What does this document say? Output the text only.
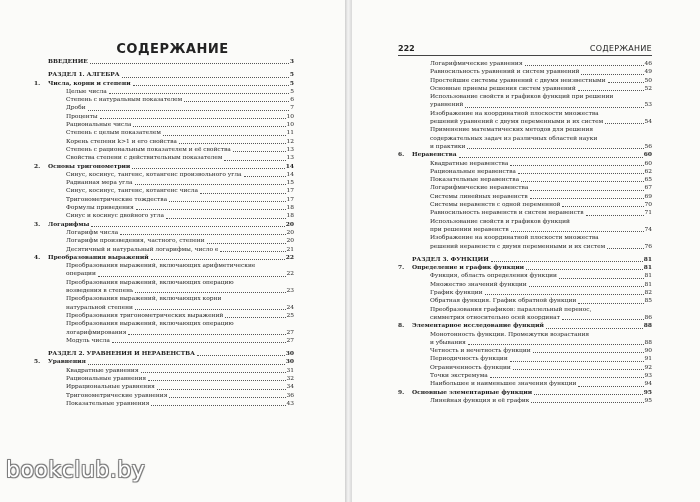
СОДЕРЖАНИЕ
ВВЕДЕНИЕ	3
РАЗДЕЛ 1. АЛГЕБРА	5
1.	Числа, корни и степени	5
Целые числа	5
Степень с натуральным показателем	6
Дроби	7
Проценты	10
Рациональные числа	10
Степень с целым показателем	11
Корень степени k>1 и его свойства	12
Степень с рациональным показателем и её свойства	13
Свойства степени с действительным показателем	13
2.	Основы тригонометрии	14
Синус, косинус, тангенс, котангенс произвольного угла	14
Радианная мера угла	15
Синус, косинус, тангенс, котангенс числа	17
Тригонометрические тождества	17
Формулы приведения	18
Синус и косинус двойного угла	18
3.	Логарифмы	20
Логарифм числа	20
Логарифм произведения, частного, степени	20
Десятичный и натуральный логарифмы, число е	21
4.	Преобразования выражений	22
Преобразования выражений, включающих арифметические
операции	22
Преобразования выражений, включающих операцию
возведения в степень	23
Преобразования выражений, включающих корни
натуральной степени	24
Преобразования тригонометрических выражений	25
Преобразования выражений, включающих операцию
логарифмирования	27
Модуль числа	27
РАЗДЕЛ 2. УРАВНЕНИЯ И НЕРАВЕНСТВА	30
5.	Уравнения	30
Квадратные уравнения	31
Рациональные уравнения	32
Иррациональные уравнения	34
Тригонометрические уравнения	36
Показательные уравнения	43
222	СОДЕРЖАНИЕ
Логарифмические уравнения	46
Равносильность уравнений и систем уравнений	49
Простейшие системы уравнений с двумя неизвестными	50
Основные приемы решения систем уравнений	52
Использование свойств и графиков функций при решении
уравнений	53
Изображение на координатной плоскости множества
решений уравнений с двумя переменными и их систем	54
Применение математических методов для решения
содержательных задач из различных областей науки
и практики	56
6.	Неравенства	60
Квадратные неравенства	60
Рациональные неравенства	62
Показательные неравенства	65
Логарифмические неравенства	67
Системы линейных неравенств	69
Системы неравенств с одной переменной	70
Равносильность неравенств и систем неравенств	71
Использование свойств и графиков функций
при решении неравенств	74
Изображение на координатной плоскости множества
решений неравенств с двумя переменными и их систем	76
РАЗДЕЛ 3. ФУНКЦИИ	81
7.	Определение и график функции	81
Функция, область определения функции	81
Множество значений функции	81
График функции	82
Обратная функция. График обратной функции	85
Преобразования графиков: параллельный перенос,
симметрия относительно осей координат	86
8.	Элементарное исследование функций	88
Монотонность функции. Промежутки возрастания
и убывания	88
Четность и нечетность функции	90
Периодичность функции	91
Ограниченность функции	92
Точки экстремума	93
Наибольшее и наименьшее значения функции	94
9.	Основные элементарные функции	95
Линейная функция и её график	95
bookclub.by
